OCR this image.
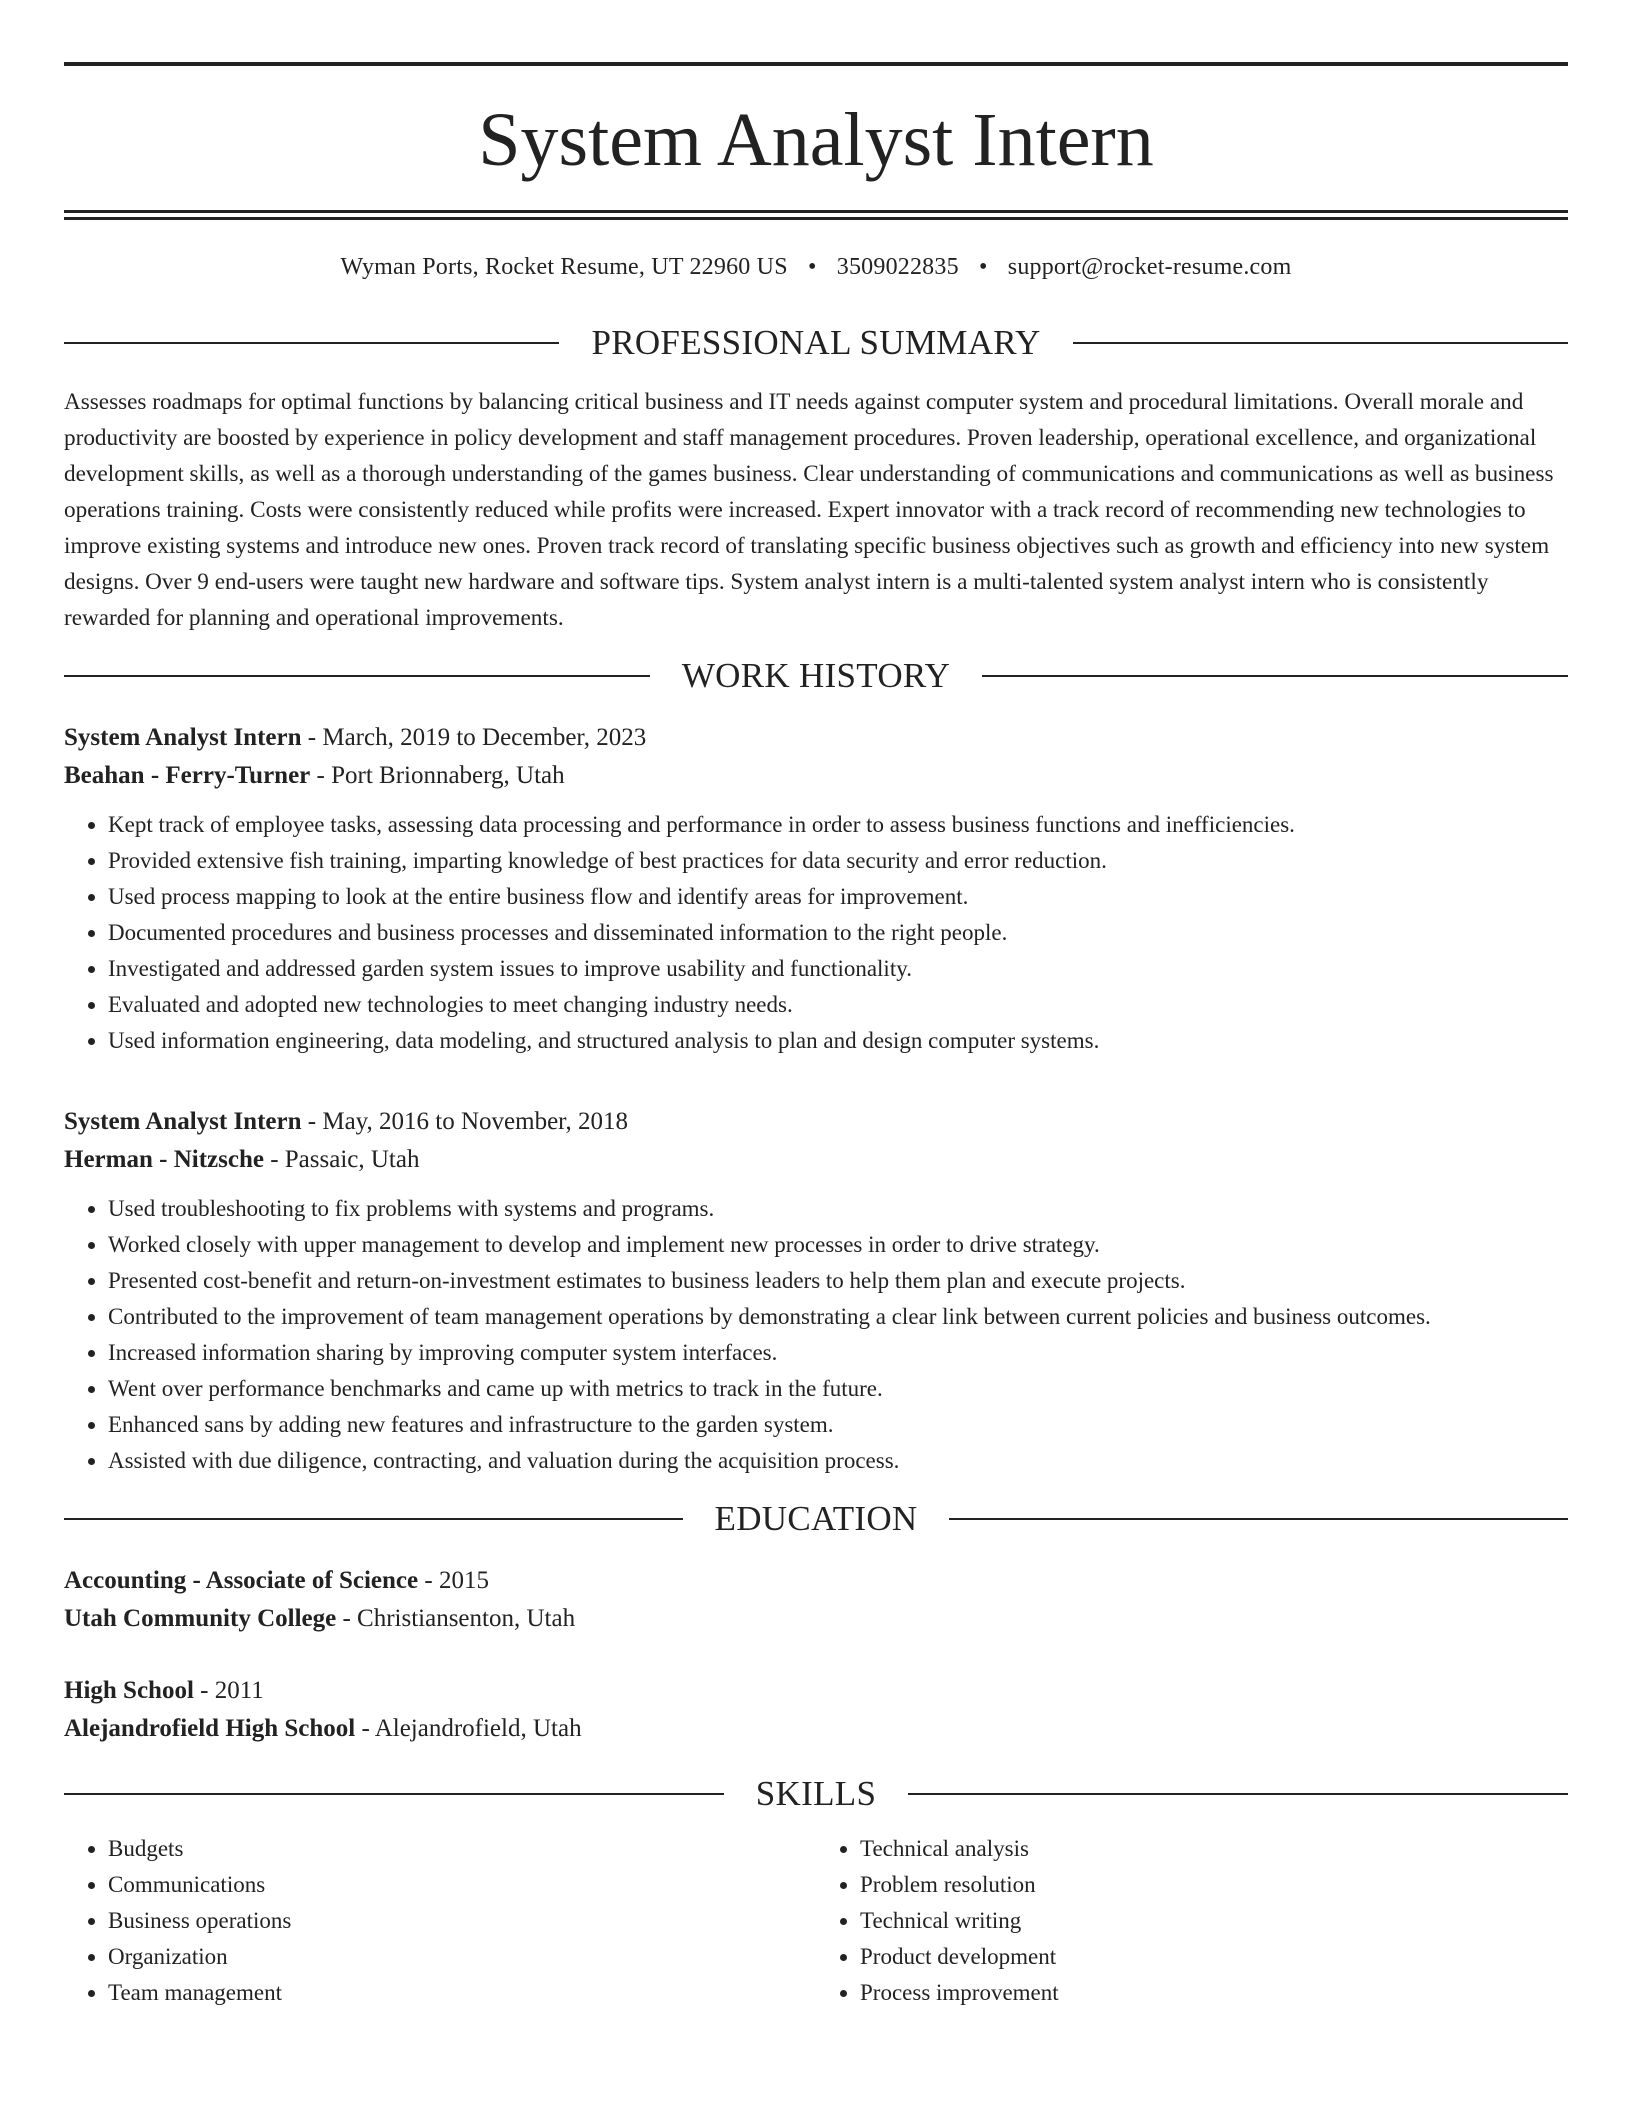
System Analyst Intern
Wyman Ports, Rocket Resume, UT 22960 US • 3509022835 • support@rocket-resume.com
PROFESSIONAL SUMMARY
Assesses roadmaps for optimal functions by balancing critical business and IT needs against computer system and procedural limitations. Overall morale and productivity are boosted by experience in policy development and staff management procedures. Proven leadership, operational excellence, and organizational development skills, as well as a thorough understanding of the games business. Clear understanding of communications and communications as well as business operations training. Costs were consistently reduced while profits were increased. Expert innovator with a track record of recommending new technologies to improve existing systems and introduce new ones. Proven track record of translating specific business objectives such as growth and efficiency into new system designs. Over 9 end-users were taught new hardware and software tips. System analyst intern is a multi-talented system analyst intern who is consistently rewarded for planning and operational improvements.
WORK HISTORY
System Analyst Intern - March, 2019 to December, 2023
Beahan - Ferry-Turner - Port Brionnaberg, Utah
• Kept track of employee tasks, assessing data processing and performance in order to assess business functions and inefficiencies.
• Provided extensive fish training, imparting knowledge of best practices for data security and error reduction.
• Used process mapping to look at the entire business flow and identify areas for improvement.
• Documented procedures and business processes and disseminated information to the right people.
• Investigated and addressed garden system issues to improve usability and functionality.
• Evaluated and adopted new technologies to meet changing industry needs.
• Used information engineering, data modeling, and structured analysis to plan and design computer systems.
System Analyst Intern - May, 2016 to November, 2018
Herman - Nitzsche - Passaic, Utah
• Used troubleshooting to fix problems with systems and programs.
• Worked closely with upper management to develop and implement new processes in order to drive strategy.
• Presented cost-benefit and return-on-investment estimates to business leaders to help them plan and execute projects.
• Contributed to the improvement of team management operations by demonstrating a clear link between current policies and business outcomes.
• Increased information sharing by improving computer system interfaces.
• Went over performance benchmarks and came up with metrics to track in the future.
• Enhanced sans by adding new features and infrastructure to the garden system.
• Assisted with due diligence, contracting, and valuation during the acquisition process.
EDUCATION
Accounting - Associate of Science - 2015
Utah Community College - Christiansenton, Utah
High School - 2011
Alejandrofield High School - Alejandrofield, Utah
SKILLS
• Budgets
• Communications
• Business operations
• Organization
• Team management
• Technical analysis
• Problem resolution
• Technical writing
• Product development
• Process improvement
